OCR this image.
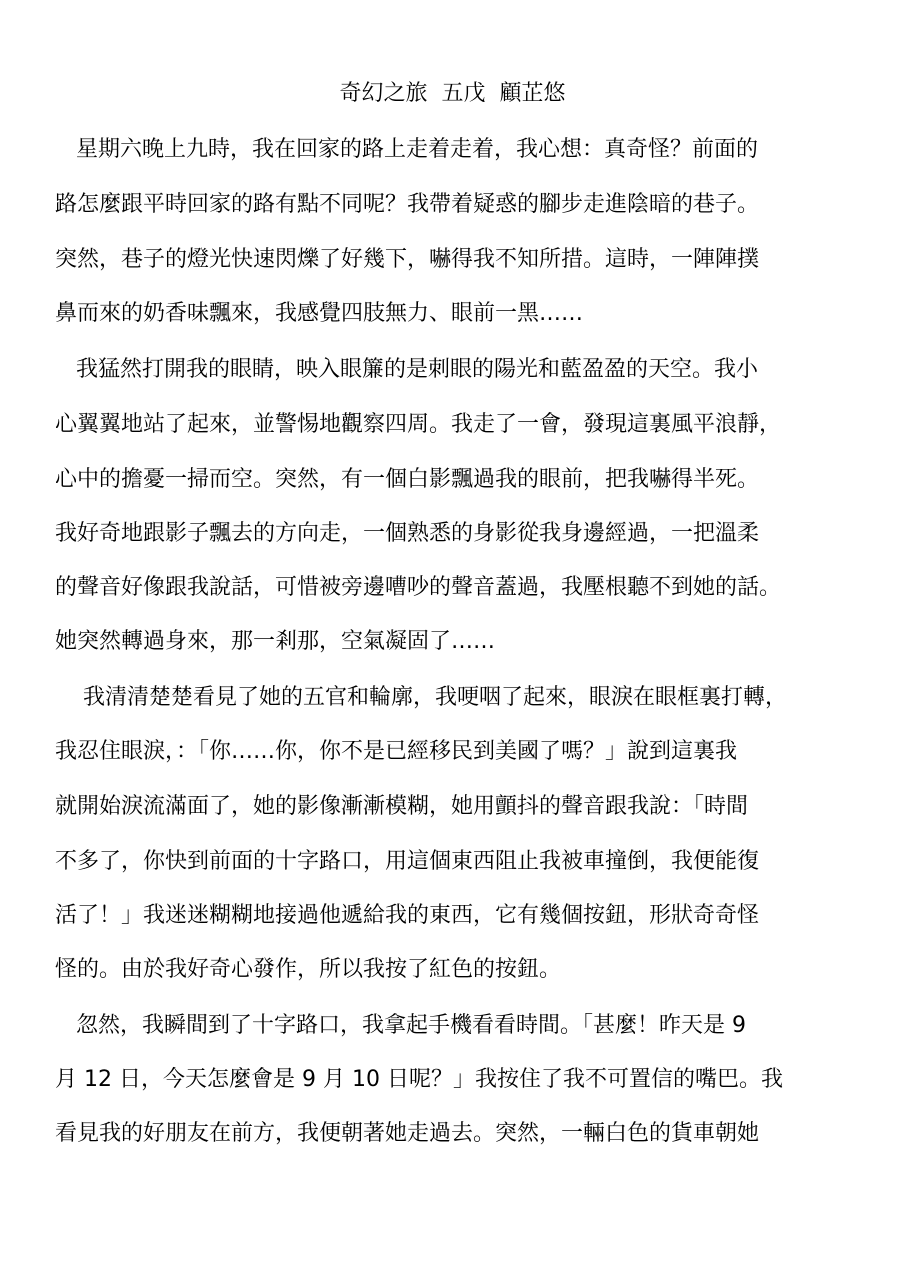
奇幻之旅  五戊  顧芷悠
星期六晚上九時，我在回家的路上走着走着，我心想：真奇怪？前面的
路怎麼跟平時回家的路有點不同呢？我帶着疑惑的腳步走進陰暗的巷子。
突然，巷子的燈光快速閃爍了好幾下，嚇得我不知所措。這時，一陣陣撲
鼻而來的奶香味飄來，我感覺四肢無力、眼前一黑……
我猛然打開我的眼睛，映入眼簾的是刺眼的陽光和藍盈盈的天空。我小
心翼翼地站了起來，並警惕地觀察四周。我走了一會，發現這裏風平浪靜，
心中的擔憂一掃而空。突然，有一個白影飄過我的眼前，把我嚇得半死。
我好奇地跟影子飄去的方向走，一個熟悉的身影從我身邊經過，一把溫柔
的聲音好像跟我說話，可惜被旁邊嘈吵的聲音蓋過，我壓根聽不到她的話。
她突然轉過身來，那一剎那，空氣凝固了……
我清清楚楚看見了她的五官和輪廓，我哽咽了起來，眼淚在眼框裏打轉，
我忍住眼淚，：「你……你，你不是已經移民到美國了嗎？」說到這裏我
就開始淚流滿面了，她的影像漸漸模糊，她用顫抖的聲音跟我說：「時間
不多了，你快到前面的十字路口，用這個東西阻止我被車撞倒，我便能復
活了！」我迷迷糊糊地接過他遞給我的東西，它有幾個按鈕，形狀奇奇怪
怪的。由於我好奇心發作，所以我按了紅色的按鈕。
忽然，我瞬間到了十字路口，我拿起手機看看時間。「甚麼！昨天是 9
月 12 日，今天怎麼會是 9 月 10 日呢？」我按住了我不可置信的嘴巴。我
看見我的好朋友在前方，我便朝著她走過去。突然，一輛白色的貨車朝她
